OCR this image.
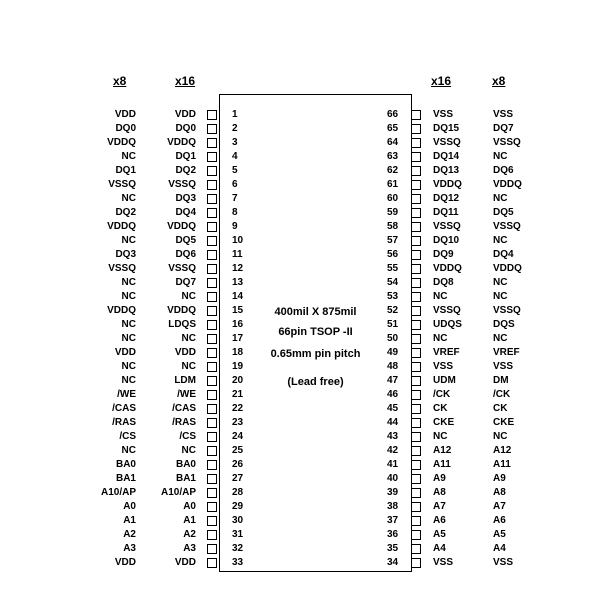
x8	x16	x16	x8
400mil X 875mil
66pin TSOP -II
0.65mm pin pitch
(Lead free)
VDD	VDD	1
DQ0	DQ0	2
VDDQ	VDDQ	3
NC	DQ1	4
DQ1	DQ2	5
VSSQ	VSSQ	6
NC	DQ3	7
DQ2	DQ4	8
VDDQ	VDDQ	9
NC	DQ5	10
DQ3	DQ6	11
VSSQ	VSSQ	12
NC	DQ7	13
NC	NC	14
VDDQ	VDDQ	15
NC	LDQS	16
NC	NC	17
VDD	VDD	18
NC	NC	19
NC	LDM	20
/WE	/WE	21
/CAS	/CAS	22
/RAS	/RAS	23
/CS	/CS	24
NC	NC	25
BA0	BA0	26
BA1	BA1	27
A10/AP	A10/AP	28
A0	A0	29
A1	A1	30
A2	A2	31
A3	A3	32
VDD	VDD	33
66	VSS	VSS
65	DQ15	DQ7
64	VSSQ	VSSQ
63	DQ14	NC
62	DQ13	DQ6
61	VDDQ	VDDQ
60	DQ12	NC
59	DQ11	DQ5
58	VSSQ	VSSQ
57	DQ10	NC
56	DQ9	DQ4
55	VDDQ	VDDQ
54	DQ8	NC
53	NC	NC
52	VSSQ	VSSQ
51	UDQS	DQS
50	NC	NC
49	VREF	VREF
48	VSS	VSS
47	UDM	DM
46	/CK	/CK
45	CK	CK
44	CKE	CKE
43	NC	NC
42	A12	A12
41	A11	A11
40	A9	A9
39	A8	A8
38	A7	A7
37	A6	A6
36	A5	A5
35	A4	A4
34	VSS	VSS
